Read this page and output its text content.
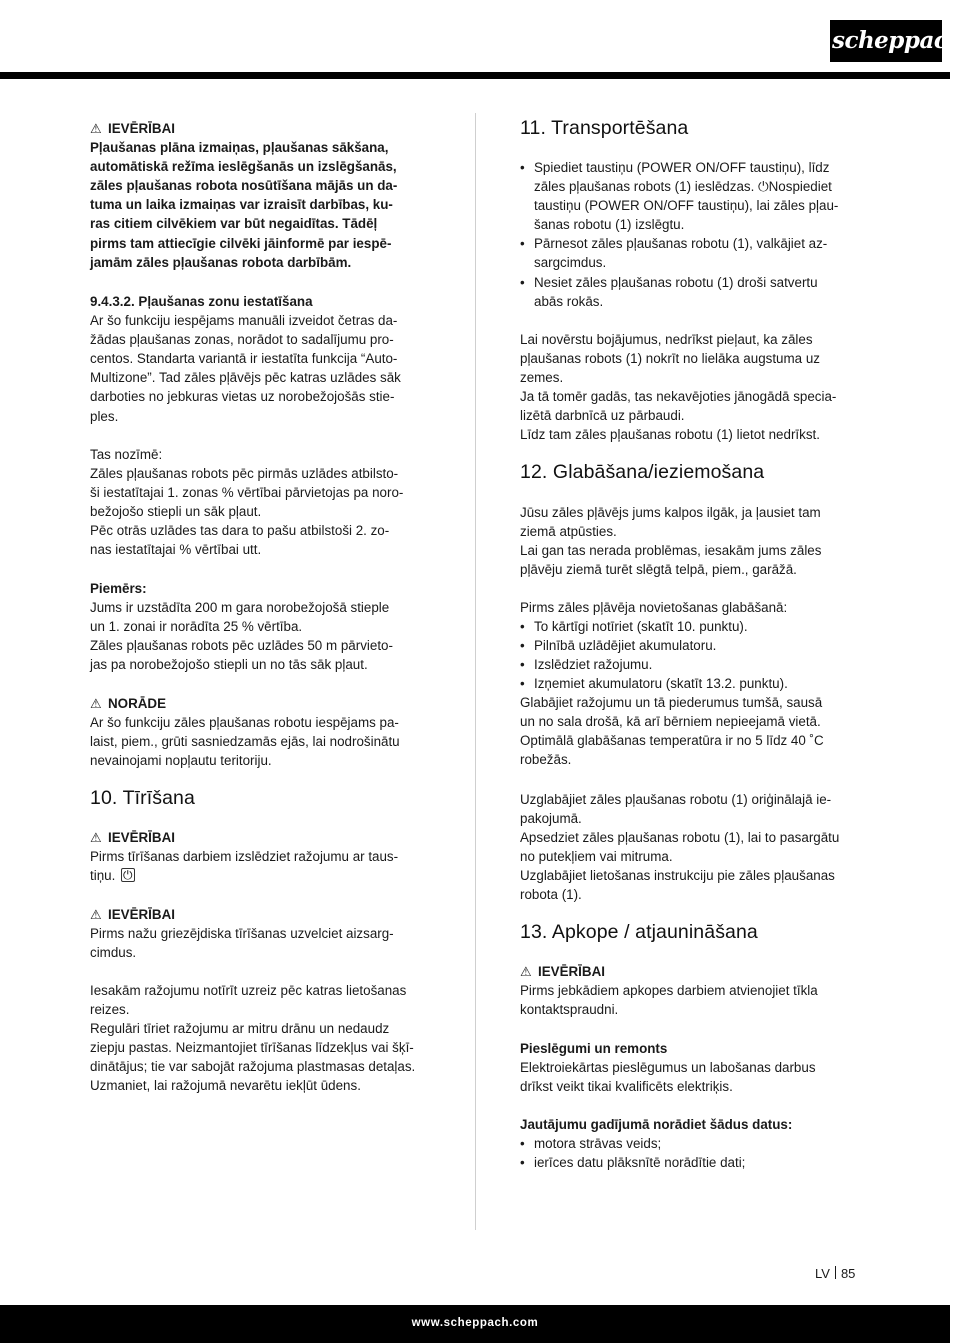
scheppach
⚠ IEVĒRĪBAI
Pļaušanas plāna izmaiņas, pļaušanas sākšana,
automātiskā režīma ieslēgšanās un izslēgšanās,
zāles pļaušanas robota nosūtīšana mājās un da-
tuma un laika izmaiņas var izraisīt darbības, ku-
ras citiem cilvēkiem var būt negaidītas. Tādēļ
pirms tam attiecīgie cilvēki jāinformē par iespē-
jamām zāles pļaušanas robota darbībām.
9.4.3.2. Pļaušanas zonu iestatīšana
Ar šo funkciju iespējams manuāli izveidot četras da-
žādas pļaušanas zonas, norādot to sadalījumu pro-
centos. Standarta variantā ir iestatīta funkcija “Auto-
Multizone”. Tad zāles pļāvējs pēc katras uzlādes sāk
darboties no jebkuras vietas uz norobežojošās stie-
ples.
Tas nozīmē:
Zāles pļaušanas robots pēc pirmās uzlādes atbilsto-
ši iestatītajai 1. zonas % vērtībai pārvietojas pa noro-
bežojošo stiepli un sāk pļaut.
Pēc otrās uzlādes tas dara to pašu atbilstoši 2. zo-
nas iestatītajai % vērtībai utt.
Piemērs:
Jums ir uzstādīta 200 m gara norobežojošā stieple
un 1. zonai ir norādīta 25 % vērtība.
Zāles pļaušanas robots pēc uzlādes 50 m pārvieto-
jas pa norobežojošo stiepli un no tās sāk pļaut.
⚠ NORĀDE
Ar šo funkciju zāles pļaušanas robotu iespējams pa-
laist, piem., grūti sasniedzamās ejās, lai nodrošinātu
nevainojami nopļautu teritoriju.
10. Tīrīšana
⚠ IEVĒRĪBAI
Pirms tīrīšanas darbiem izslēdziet ražojumu ar taus-
tiņu. ⏻
⚠ IEVĒRĪBAI
Pirms nažu griezējdiska tīrīšanas uzvelciet aizsarg-
cimdus.
Iesakām ražojumu notīrīt uzreiz pēc katras lietošanas
reizes.
Regulāri tīriet ražojumu ar mitru drānu un nedaudz
ziepju pastas. Neizmantojiet tīrīšanas līdzekļus vai šķī-
dinātājus; tie var sabojāt ražojuma plastmasas detaļas.
Uzmaniet, lai ražojumā nevarētu iekļūt ūdens.
11. Transportēšana
• Spiediet taustiņu (POWER ON/OFF taustiņu), līdz
zāles pļaušanas robots (1) ieslēdzas. ⏻Nospiediet
taustiņu (POWER ON/OFF taustiņu), lai zāles pļau-
šanas robotu (1) izslēgtu.
• Pārnesot zāles pļaušanas robotu (1), valkājiet az-
sargcimdus.
• Nesiet zāles pļaušanas robotu (1) droši satvertu
abās rokās.
Lai novērstu bojājumus, nedrīkst pieļaut, ka zāles
pļaušanas robots (1) nokrīt no lielāka augstuma uz
zemes.
Ja tā tomēr gadās, tas nekavējoties jānogādā specia-
lizētā darbnīcā uz pārbaudi.
Līdz tam zāles pļaušanas robotu (1) lietot nedrīkst.
12. Glabāšana/ieziemošana
Jūsu zāles pļāvējs jums kalpos ilgāk, ja ļausiet tam
ziemā atpūsties.
Lai gan tas nerada problēmas, iesakām jums zāles
pļāvēju ziemā turēt slēgtā telpā, piem., garāžā.
Pirms zāles pļāvēja novietošanas glabāšanā:
• To kārtīgi notīriet (skatīt 10. punktu).
• Pilnībā uzlādējiet akumulatoru.
• Izslēdziet ražojumu.
• Izņemiet akumulatoru (skatīt 13.2. punktu).
Glabājiet ražojumu un tā piederumus tumšā, sausā
un no sala drošā, kā arī bērniem nepieejamā vietā.
Optimālā glabāšanas temperatūra ir no 5 līdz 40 ˚C
robežās.
Uzglabājiet zāles pļaušanas robotu (1) oriģinālajā ie-
pakojumā.
Apsedziet zāles pļaušanas robotu (1), lai to pasargātu
no putekļiem vai mitruma.
Uzglabājiet lietošanas instrukciju pie zāles pļaušanas
robota (1).
13. Apkope / atjaunināšana
⚠ IEVĒRĪBAI
Pirms jebkādiem apkopes darbiem atvienojiet tīkla
kontaktspraudni.
Pieslēgumi un remonts
Elektroiekārtas pieslēgumus un labošanas darbus
drīkst veikt tikai kvalificēts elektriķis.
Jautājumu gadījumā norādiet šādus datus:
• motora strāvas veids;
• ierīces datu plāksnītē norādītie dati;
LV 85
www.scheppach.com
